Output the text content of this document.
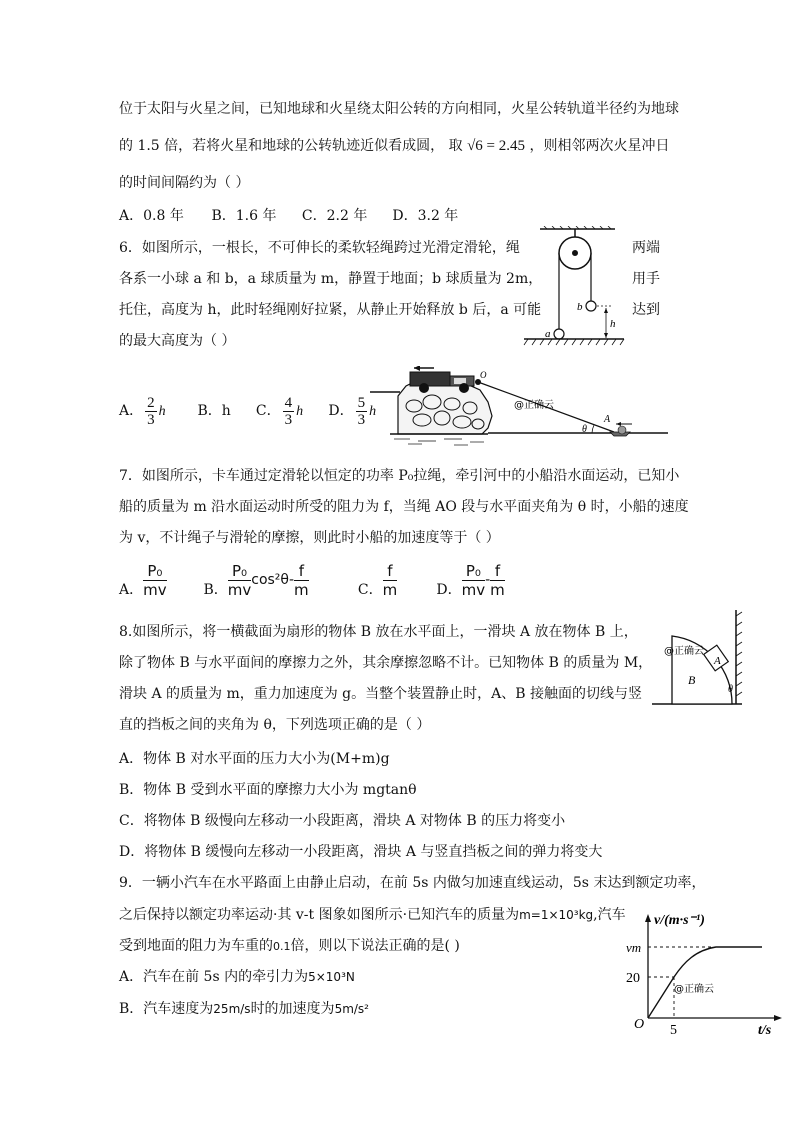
位于太阳与火星之间，已知地球和火星绕太阳公转的方向相同，火星公转轨道半径约为地球
的 1.5 倍，若将火星和地球的公转轨迹近似看成圆， 取 √6 = 2.45 ，则相邻两次火星冲日
的时间间隔约为（ ）
A．0.8 年 B．1.6 年 C．2.2 年 D．3.2 年
6．如图所示，一根长，不可伸长的柔软轻绳跨过光滑定滑轮，绳
各系一小球 a 和 b，a 球质量为 m，静置于地面；b 球质量为 2m，
托住，高度为 h，此时轻绳刚好拉紧，从静止开始释放 b 后，a 可能
的最大高度为（ ）
两端
用手
达到
b
a
h
A． $\frac{2}{3}$ h B．h C． $\frac{4}{3}$ h D． $\frac{5}{3}$ h
O
A
θ
@正确云
7．如图所示，卡车通过定滑轮以恒定的功率 P₀拉绳，牵引河中的小船沿水面运动，已知小
船的质量为 m 沿水面运动时所受的阻力为 f，当绳 AO 段与水平面夹角为 θ 时，小船的速度
为 v，不计绳子与滑轮的摩擦，则此时小船的加速度等于（ ）
A． $\frac{\text{P₀}}{mv}$	B． $\frac{\text{P₀}}{mv} \cos^2\theta- \frac{f}{m}$	C． $\frac{f}{m}$	D． $\frac{\text{P₀}}{mv} - \frac{f}{m}$
8.如图所示，将一横截面为扇形的物体 B 放在水平面上，一滑块 A 放在物体 B 上，
除了物体 B 与水平面间的摩擦力之外，其余摩擦忽略不计。已知物体 B 的质量为 M，
滑块 A 的质量为 m，重力加速度为 g。当整个装置静止时，A、B 接触面的切线与竖
直的挡板之间的夹角为 θ，下列选项正确的是（ ）
A
B
θ
@正确云
A．物体 B 对水平面的压力大小为(M+m)g
B．物体 B 受到水平面的摩擦力大小为 mgtanθ
C．将物体 B 级慢向左移动一小段距离，滑块 A 对物体 B 的压力将变小
D．将物体 B 缓慢向左移动一小段距离，滑块 A 与竖直挡板之间的弹力将变大
9．一辆小汽车在水平路面上由静止启动，在前 5s 内做匀加速直线运动，5s 末达到额定功率，
之后保持以额定功率运动·其 v-t 图象如图所示·已知汽车的质量为m=1×10³kg,汽车
受到地面的阻力为车重的0.1倍，则以下说法正确的是( )
A．汽车在前 5s 内的牵引力为5×10³N
B．汽车速度为25m/s时的加速度为5m/s²
v/(m·s⁻¹)
t/s
vm
20
5
O
@正确云
